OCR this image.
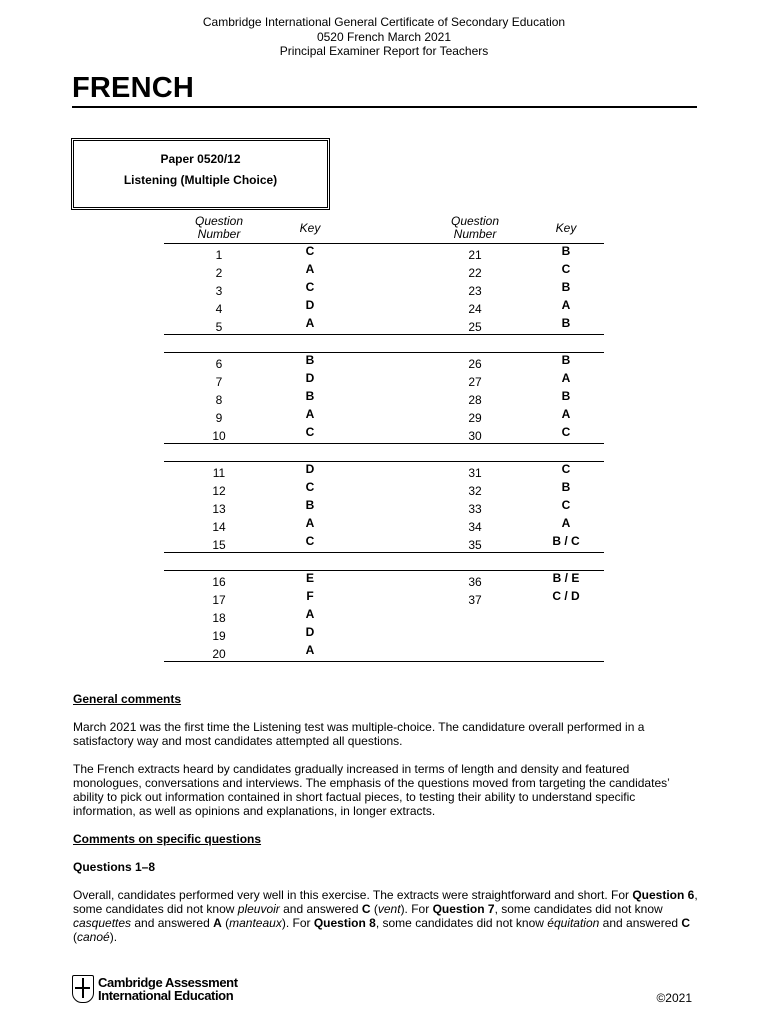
Cambridge International General Certificate of Secondary Education
0520 French March 2021
Principal Examiner Report for Teachers
FRENCH
Paper 0520/12
Listening (Multiple Choice)
Question
Number	Key	Question
Number	Key
1	C	21	B
2	A	22	C
3	C	23	B
4	D	24	A
5	A	25	B
6	B	26	B
7	D	27	A
8	B	28	B
9	A	29	A
10	C	30	C
11	D	31	C
12	C	32	B
13	B	33	C
14	A	34	A
15	C	35	B / C
16	E	36	B / E
17	F	37	C / D
18	A
19	D
20	A
General comments
March 2021 was the first time the Listening test was multiple-choice. The candidature overall performed in a satisfactory way and most candidates attempted all questions.
The French extracts heard by candidates gradually increased in terms of length and density and featured monologues, conversations and interviews. The emphasis of the questions moved from targeting the candidates’ ability to pick out information contained in short factual pieces, to testing their ability to understand specific information, as well as opinions and explanations, in longer extracts.
Comments on specific questions
Questions 1–8
Overall, candidates performed very well in this exercise. The extracts were straightforward and short. For Question 6, some candidates did not know pleuvoir and answered C (vent). For Question 7, some candidates did not know casquettes and answered A (manteaux). For Question 8, some candidates did not know équitation and answered C (canoé).
Cambridge Assessment
International Education	©2021
